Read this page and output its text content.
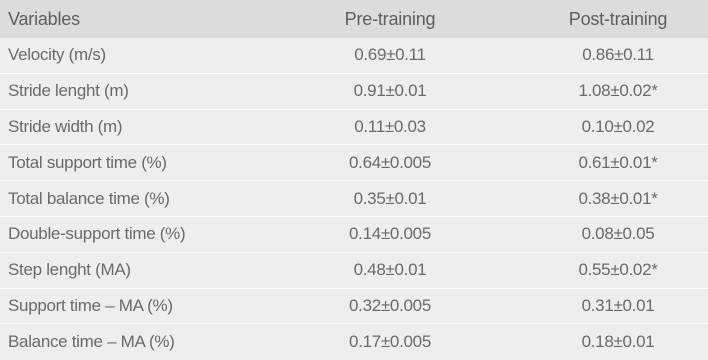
Variables	Pre-training	Post-training
Velocity (m/s)	0.69±0.11	0.86±0.11
Stride lenght (m)	0.91±0.01	1.08±0.02*
Stride width (m)	0.11±0.03	0.10±0.02
Total support time (%)	0.64±0.005	0.61±0.01*
Total balance time (%)	0.35±0.01	0.38±0.01*
Double-support time (%)	0.14±0.005	0.08±0.05
Step lenght (MA)	0.48±0.01	0.55±0.02*
Support time – MA (%)	0.32±0.005	0.31±0.01
Balance time – MA (%)	0.17±0.005	0.18±0.01
